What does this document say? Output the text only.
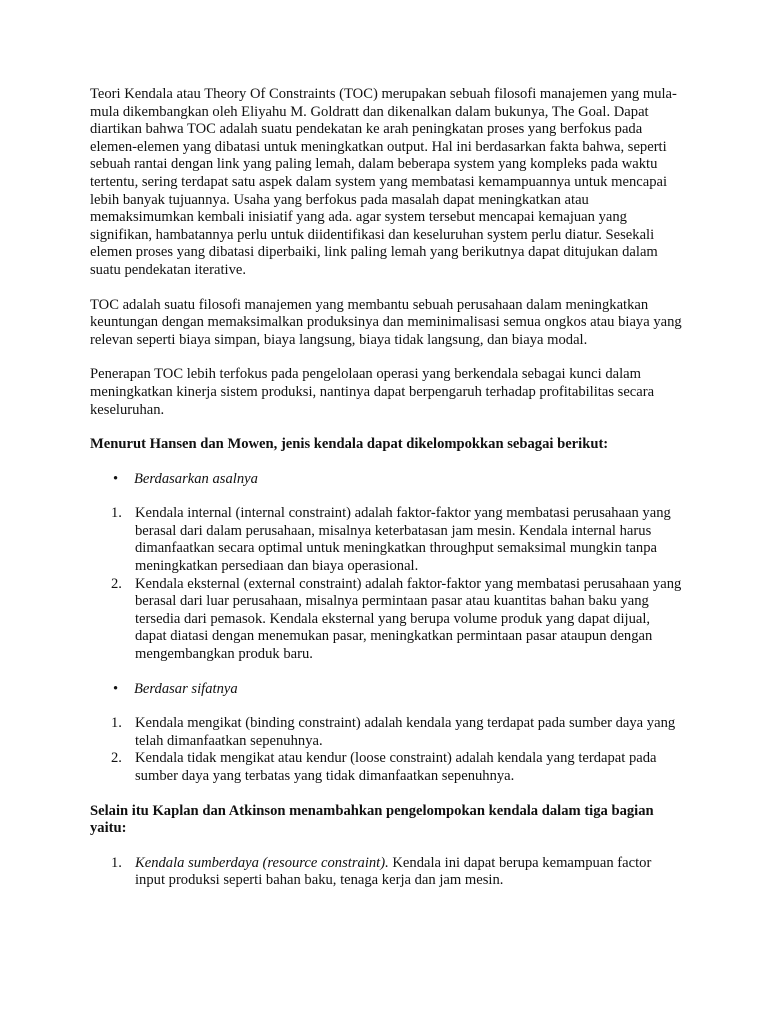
Teori Kendala atau Theory Of Constraints (TOC) merupakan sebuah filosofi manajemen yang mula-mula dikembangkan oleh Eliyahu M. Goldratt dan dikenalkan dalam bukunya, The Goal. Dapat diartikan bahwa TOC adalah suatu pendekatan ke arah peningkatan proses yang berfokus pada elemen-elemen yang dibatasi untuk meningkatkan output. Hal ini berdasarkan fakta bahwa, seperti sebuah rantai dengan link yang paling lemah, dalam beberapa system yang kompleks pada waktu tertentu, sering terdapat satu aspek dalam system yang membatasi kemampuannya untuk mencapai lebih banyak tujuannya. Usaha yang berfokus pada masalah dapat meningkatkan atau memaksimumkan kembali inisiatif yang ada. agar system tersebut mencapai kemajuan yang signifikan, hambatannya perlu untuk diidentifikasi dan keseluruhan system perlu diatur. Sesekali elemen proses yang dibatasi diperbaiki, link paling lemah yang berikutnya dapat ditujukan dalam suatu pendekatan iterative.

TOC adalah suatu filosofi manajemen yang membantu sebuah perusahaan dalam meningkatkan keuntungan dengan memaksimalkan produksinya dan meminimalisasi semua ongkos atau biaya yang relevan seperti biaya simpan, biaya langsung, biaya tidak langsung, dan biaya modal.

Penerapan TOC lebih terfokus pada pengelolaan operasi yang berkendala sebagai kunci dalam meningkatkan kinerja sistem produksi, nantinya dapat berpengaruh terhadap profitabilitas secara keseluruhan.

Menurut Hansen dan Mowen, jenis kendala dapat dikelompokkan sebagai berikut:

• Berdasarkan asalnya
1. Kendala internal (internal constraint) adalah faktor-faktor yang membatasi perusahaan yang berasal dari dalam perusahaan, misalnya keterbatasan jam mesin. Kendala internal harus dimanfaatkan secara optimal untuk meningkatkan throughput semaksimal mungkin tanpa meningkatkan persediaan dan biaya operasional.
2. Kendala eksternal (external constraint) adalah faktor-faktor yang membatasi perusahaan yang berasal dari luar perusahaan, misalnya permintaan pasar atau kuantitas bahan baku yang tersedia dari pemasok. Kendala eksternal yang berupa volume produk yang dapat dijual, dapat diatasi dengan menemukan pasar, meningkatkan permintaan pasar ataupun dengan mengembangkan produk baru.
• Berdasar sifatnya
1. Kendala mengikat (binding constraint) adalah kendala yang terdapat pada sumber daya yang telah dimanfaatkan sepenuhnya.
2. Kendala tidak mengikat atau kendur (loose constraint) adalah kendala yang terdapat pada sumber daya yang terbatas yang tidak dimanfaatkan sepenuhnya.

Selain itu Kaplan dan Atkinson menambahkan pengelompokan kendala dalam tiga bagian yaitu:

1. Kendala sumberdaya (resource constraint). Kendala ini dapat berupa kemampuan factor input produksi seperti bahan baku, tenaga kerja dan jam mesin.
